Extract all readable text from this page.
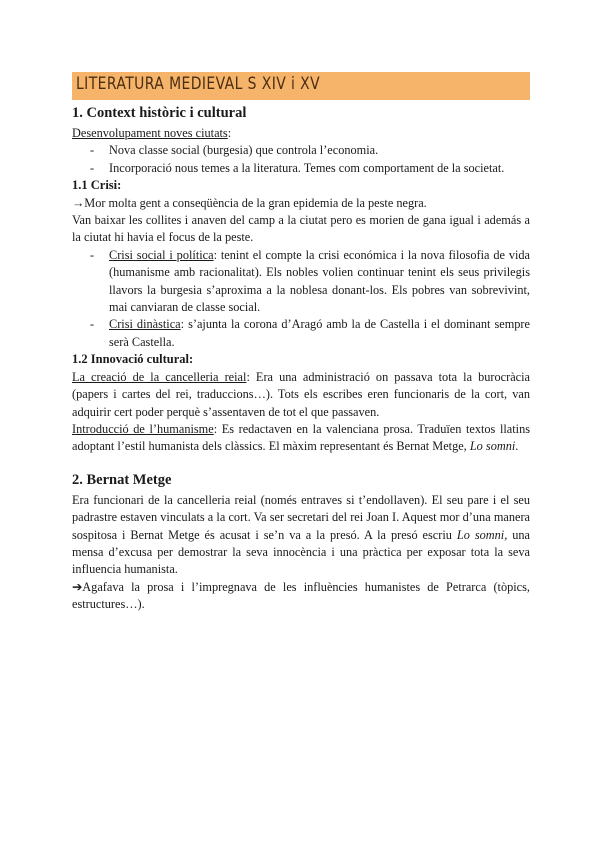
LITERATURA MEDIEVAL S XIV i XV
1. Context històric i cultural

Desenvolupament noves ciutats:

- Nova classe social (burgesia) que controla l’economia.
- Incorporació nous temes a la literatura. Temes com comportament de la societat.
1.1 Crisi:

→Mor molta gent a conseqüència de la gran epidemia de la peste negra.

Van baixar les collites i anaven del camp a la ciutat pero es morien de gana igual i además a la ciutat hi havia el focus de la peste.

- Crisi social i política: tenint el compte la crisi económica i la nova filosofia de vida (humanisme amb racionalitat). Els nobles volien continuar tenint els seus privilegis llavors la burgesia s’aproxima a la noblesa donant-los. Els pobres van sobrevivint, mai canviaran de classe social.
- Crisi dinàstica: s’ajunta la corona d’Aragó amb la de Castella i el dominant sempre serà Castella.
1.2 Innovació cultural:

La creació de la cancelleria reial: Era una administració on passava tota la burocràcia (papers i cartes del rei, traduccions…). Tots els escribes eren funcionaris de la cort, van adquirir cert poder perquè s’assentaven de tot el que passaven.

Introducció de l’humanisme: Es redactaven en la valenciana prosa. Traduïen textos llatins adoptant l’estil humanista dels clàssics. El màxim representant és Bernat Metge, Lo somni.

2. Bernat Metge

Era funcionari de la cancelleria reial (només entraves si t’endollaven). El seu pare i el seu padrastre estaven vinculats a la cort. Va ser secretari del rei Joan I. Aquest mor d’una manera sospitosa i Bernat Metge és acusat i se’n va a la presó. A la presó escriu Lo somni, una mensa d’excusa per demostrar la seva innocència i una pràctica per exposar tota la seva influencia humanista.

➔Agafava la prosa i l’impregnava de les influències humanistes de Petrarca (tòpics, estructures…).
